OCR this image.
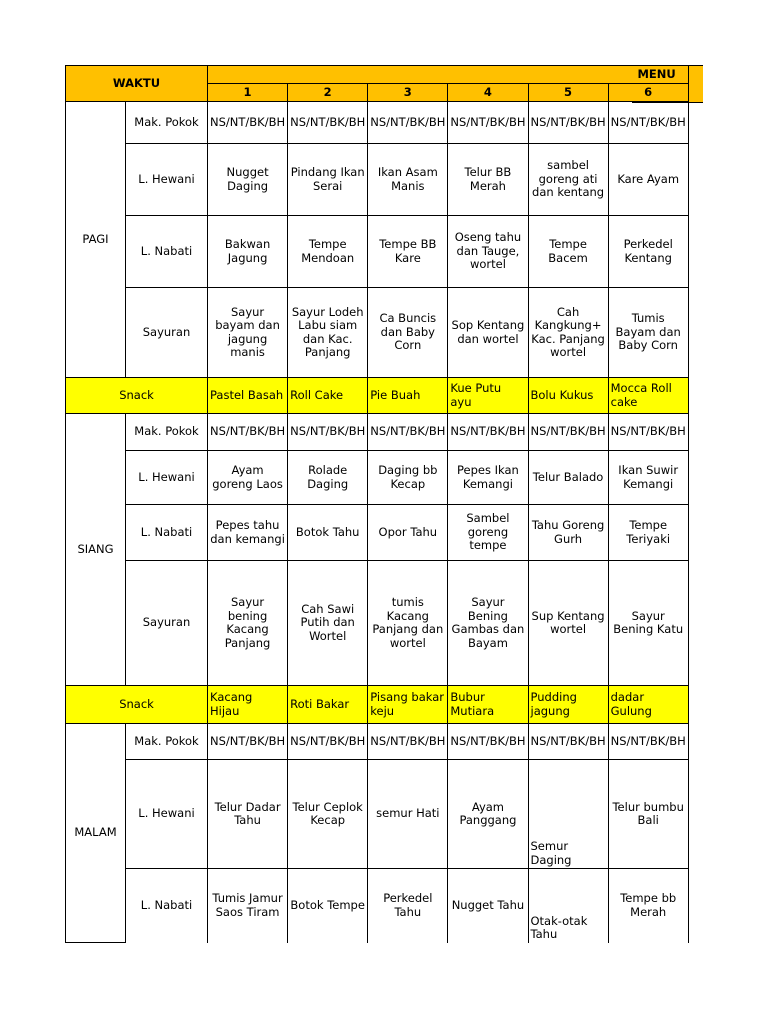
WAKTU		MENU					
		1	2	3	4	5	6
PAGI	Mak. Pokok	NS/NT/BK/BH	NS/NT/BK/BH	NS/NT/BK/BH	NS/NT/BK/BH	NS/NT/BK/BH	NS/NT/BK/BH
	L. Hewani	Nugget Daging	Pindang Ikan Serai	Ikan Asam Manis	Telur BB Merah	sambel goreng ati dan kentang	Kare Ayam
	L. Nabati	Bakwan Jagung	Tempe Mendoan	Tempe BB Kare	Oseng tahu dan Tauge, wortel	Tempe Bacem	Perkedel Kentang
	Sayuran	Sayur bayam dan jagung manis	Sayur Lodeh Labu siam dan Kac. Panjang	Ca Buncis dan Baby Corn	Sop Kentang dan wortel	Cah Kangkung+ Kac. Panjang wortel	Tumis Bayam dan Baby Corn
Snack		Pastel Basah	Roll Cake	Pie Buah	Kue Putu ayu	Bolu Kukus	Mocca Roll cake
SIANG	Mak. Pokok	NS/NT/BK/BH	NS/NT/BK/BH	NS/NT/BK/BH	NS/NT/BK/BH	NS/NT/BK/BH	NS/NT/BK/BH
	L. Hewani	Ayam goreng Laos	Rolade Daging	Daging bb Kecap	Pepes Ikan Kemangi	Telur Balado	Ikan Suwir Kemangi
	L. Nabati	Pepes tahu dan kemangi	Botok Tahu	Opor Tahu	Sambel goreng tempe	Tahu Goreng Gurh	Tempe Teriyaki
	Sayuran	Sayur bening Kacang Panjang	Cah Sawi Putih dan Wortel	tumis Kacang Panjang dan wortel	Sayur Bening Gambas dan Bayam	Sup Kentang wortel	Sayur Bening Katu
Snack		Kacang Hijau	Roti Bakar	Pisang bakar keju	Bubur Mutiara	Pudding jagung	dadar Gulung
MALAM	Mak. Pokok	NS/NT/BK/BH	NS/NT/BK/BH	NS/NT/BK/BH	NS/NT/BK/BH	NS/NT/BK/BH	NS/NT/BK/BH
	L. Hewani	Telur Dadar Tahu	Telur Ceplok Kecap	semur Hati	Ayam Panggang	Semur Daging	Telur bumbu Bali
	L. Nabati	Tumis Jamur Saos Tiram	Botok Tempe	Perkedel Tahu	Nugget Tahu	Otak-otak Tahu	Tempe bb Merah
